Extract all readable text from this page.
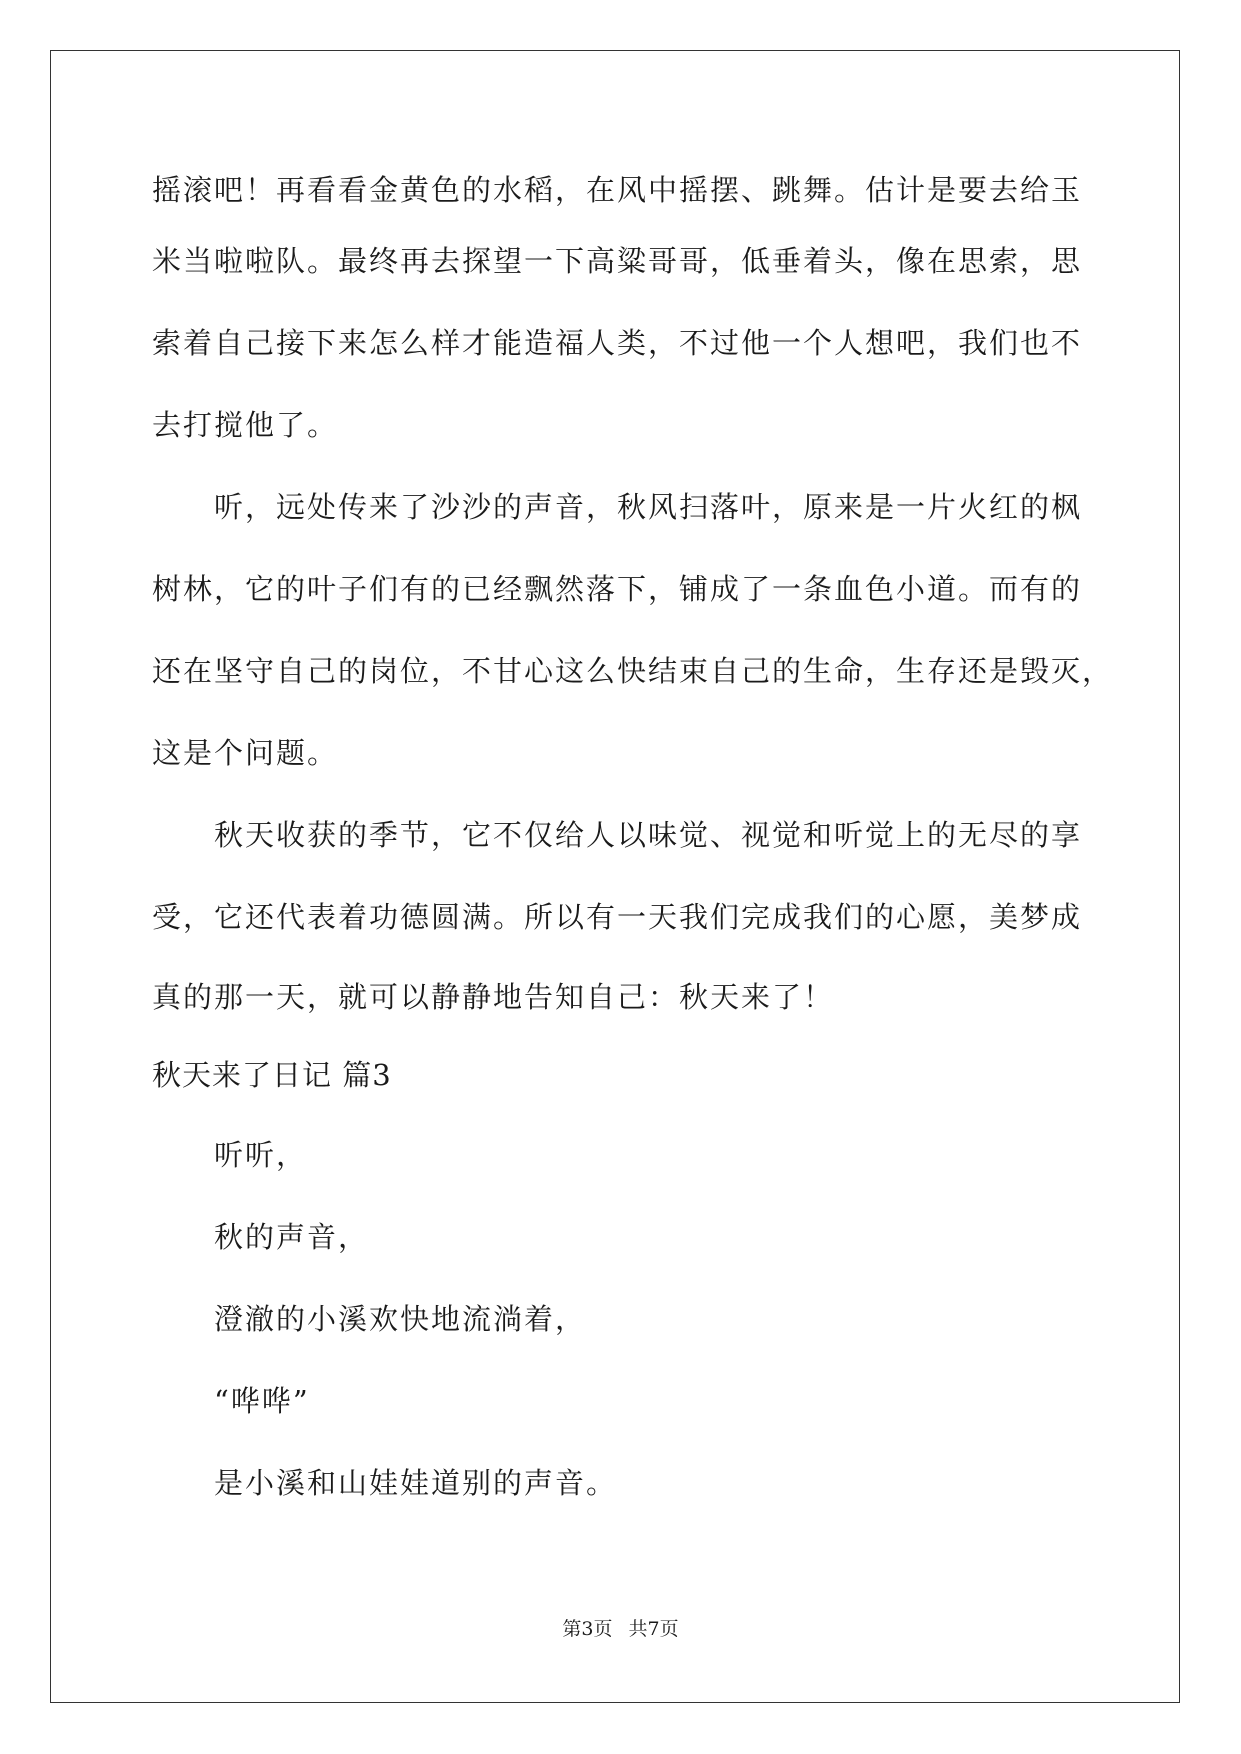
摇滚吧！再看看金黄色的水稻，在风中摇摆、跳舞。估计是要去给玉
米当啦啦队。最终再去探望一下高粱哥哥，低垂着头，像在思索，思
索着自己接下来怎么样才能造福人类，不过他一个人想吧，我们也不
去打搅他了。
听，远处传来了沙沙的声音，秋风扫落叶，原来是一片火红的枫
树林，它的叶子们有的已经飘然落下，铺成了一条血色小道。而有的
还在坚守自己的岗位，不甘心这么快结束自己的生命，生存还是毁灭，
这是个问题。
秋天收获的季节，它不仅给人以味觉、视觉和听觉上的无尽的享
受，它还代表着功德圆满。所以有一天我们完成我们的心愿，美梦成
真的那一天，就可以静静地告知自己：秋天来了！
秋天来了日记 篇3
听听，
秋的声音，
澄澈的小溪欢快地流淌着，
“哗哗”
是小溪和山娃娃道别的声音。
第3页 共7页
